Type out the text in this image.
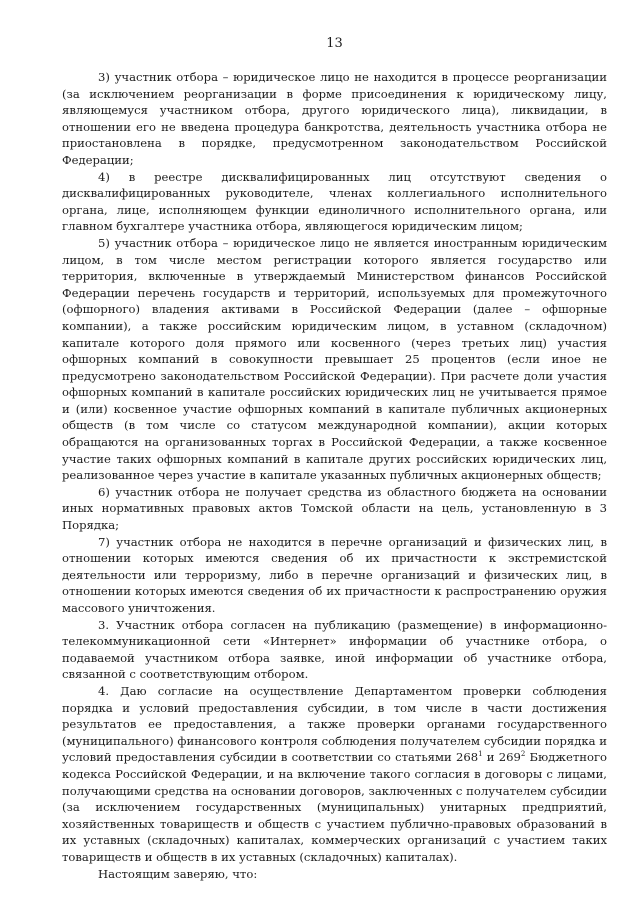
13

3) участник отбора – юридическое лицо не находится в процессе реорганизации (за исключением реорганизации в форме присоединения к юридическому лицу, являющемуся участником отбора, другого юридического лица), ликвидации, в отношении его не введена процедура банкротства, деятельность участника отбора не приостановлена в порядке, предусмотренном законодательством Российской Федерации;

4) в реестре дисквалифицированных лиц отсутствуют сведения о дисквалифицированных руководителе, членах коллегиального исполнительного органа, лице, исполняющем функции единоличного исполнительного органа, или главном бухгалтере участника отбора, являющегося юридическим лицом;

5) участник отбора – юридическое лицо не является иностранным юридическим лицом, в том числе местом регистрации которого является государство или территория, включенные в утверждаемый Министерством финансов Российской Федерации перечень государств и территорий, используемых для промежуточного (офшорного) владения активами в Российской Федерации (далее – офшорные компании), а также российским юридическим лицом, в уставном (складочном) капитале которого доля прямого или косвенного (через третьих лиц) участия офшорных компаний в совокупности превышает 25 процентов (если иное не предусмотрено законодательством Российской Федерации). При расчете доли участия офшорных компаний в капитале российских юридических лиц не учитывается прямое и (или) косвенное участие офшорных компаний в капитале публичных акционерных обществ (в том числе со статусом международной компании), акции которых обращаются на организованных торгах в Российской Федерации, а также косвенное участие таких офшорных компаний в капитале других российских юридических лиц, реализованное через участие в капитале указанных публичных акционерных обществ;

6) участник отбора не получает средства из областного бюджета на основании иных нормативных правовых актов Томской области на цель, установленную в 3 Порядка;

7) участник отбора не находится в перечне организаций и физических лиц, в отношении которых имеются сведения об их причастности к экстремистской деятельности или терроризму, либо в перечне организаций и физических лиц, в отношении которых имеются сведения об их причастности к распространению оружия массового уничтожения.

3. Участник отбора согласен на публикацию (размещение) в информационно-телекоммуникационной сети «Интернет» информации об участнике отбора, о подаваемой участником отбора заявке, иной информации об участнике отбора, связанной с соответствующим отбором.

4. Даю согласие на осуществление Департаментом проверки соблюдения порядка и условий предоставления субсидии, в том числе в части достижения результатов ее предоставления, а также проверки органами государственного (муниципального) финансового контроля соблюдения получателем субсидии порядка и условий предоставления субсидии в соответствии со статьями $268^1$ и $269^2$ Бюджетного кодекса Российской Федерации, и на включение такого согласия в договоры с лицами, получающими средства на основании договоров, заключенных с получателем субсидии (за исключением государственных (муниципальных) унитарных предприятий, хозяйственных товариществ и обществ с участием публично-правовых образований в их уставных (складочных) капиталах, коммерческих организаций с участием таких товариществ и обществ в их уставных (складочных) капиталах).

Настоящим заверяю, что:
